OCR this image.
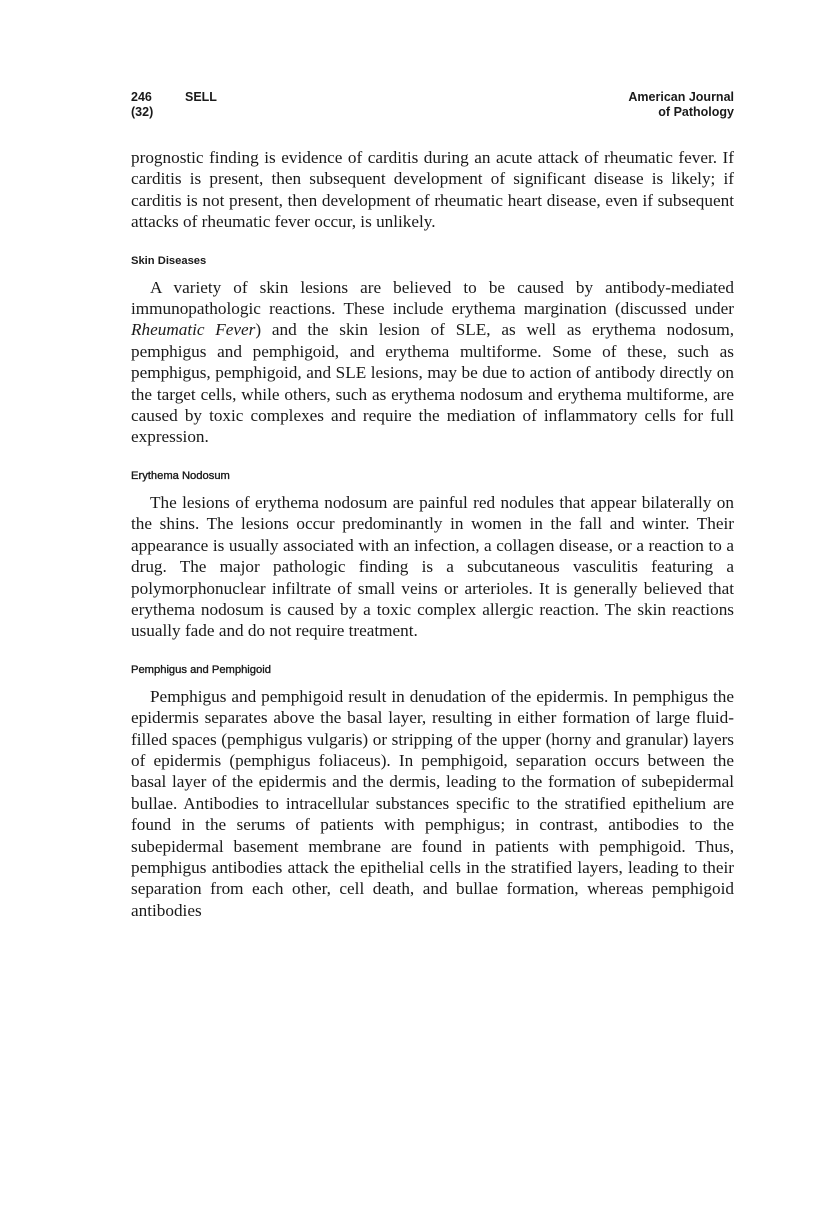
246	SELL
(32)
American Journal
of Pathology

prognostic finding is evidence of carditis during an acute attack of rheumatic fever. If carditis is present, then subsequent development of significant disease is likely; if carditis is not present, then development of rheumatic heart disease, even if subsequent attacks of rheumatic fever occur, is unlikely.

Skin Diseases

A variety of skin lesions are believed to be caused by antibody-mediated immunopathologic reactions. These include erythema margination (discussed under Rheumatic Fever) and the skin lesion of SLE, as well as erythema nodosum, pemphigus and pemphigoid, and erythema multiforme. Some of these, such as pemphigus, pemphigoid, and SLE lesions, may be due to action of antibody directly on the target cells, while others, such as erythema nodosum and erythema multiforme, are caused by toxic complexes and require the mediation of inflammatory cells for full expression.

Erythema Nodosum

The lesions of erythema nodosum are painful red nodules that appear bilaterally on the shins. The lesions occur predominantly in women in the fall and winter. Their appearance is usually associated with an infection, a collagen disease, or a reaction to a drug. The major pathologic finding is a subcutaneous vasculitis featuring a polymorphonuclear infiltrate of small veins or arterioles. It is generally believed that erythema nodosum is caused by a toxic complex allergic reaction. The skin reactions usually fade and do not require treatment.

Pemphigus and Pemphigoid

Pemphigus and pemphigoid result in denudation of the epidermis. In pemphigus the epidermis separates above the basal layer, resulting in either formation of large fluid-filled spaces (pemphigus vulgaris) or stripping of the upper (horny and granular) layers of epidermis (pemphigus foliaceus). In pemphigoid, separation occurs between the basal layer of the epidermis and the dermis, leading to the formation of subepidermal bullae. Antibodies to intracellular substances specific to the stratified epithelium are found in the serums of patients with pemphigus; in contrast, antibodies to the subepidermal basement membrane are found in patients with pemphigoid. Thus, pemphigus antibodies attack the epithelial cells in the stratified layers, leading to their separation from each other, cell death, and bullae formation, whereas pemphigoid antibodies
